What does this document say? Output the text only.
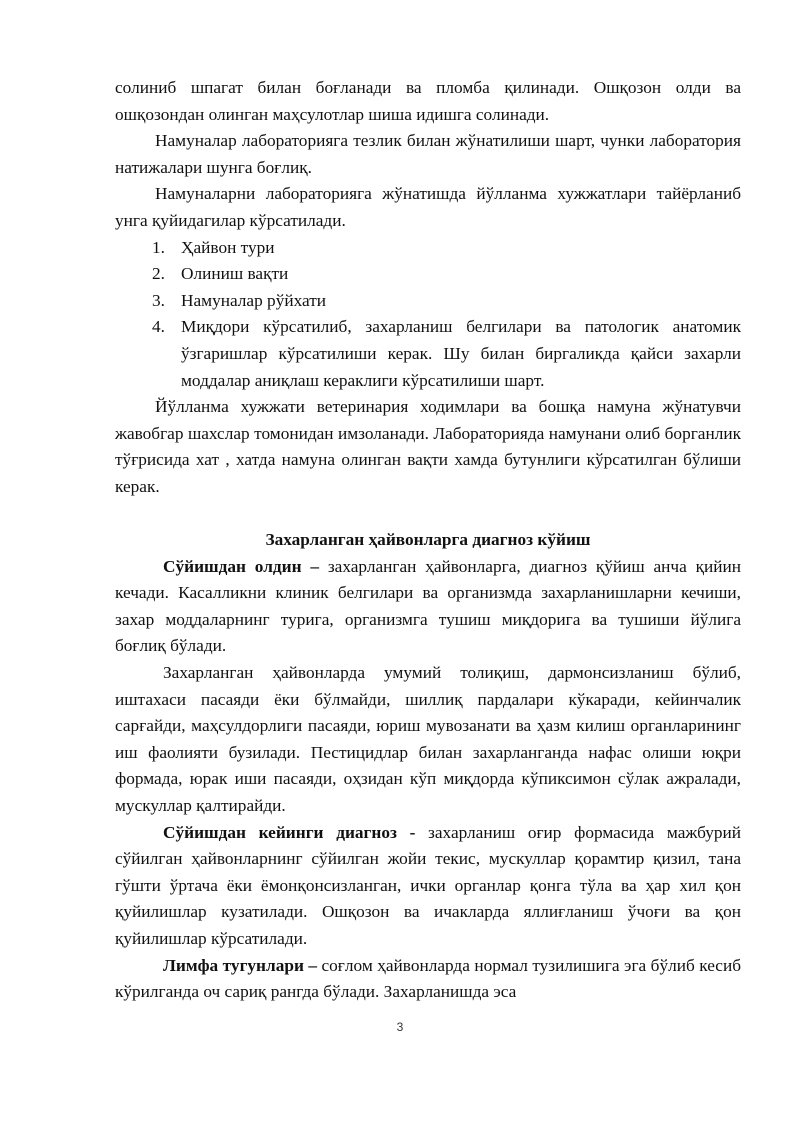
солиниб шпагат билан боғланади ва пломба қилинади. Ошқозон олди ва ошқозондан олинган маҳсулотлар шиша идишга солинади.

Намуналар лабораторияга тезлик билан жўнатилиши шарт, чунки лаборатория натижалари шунга боғлиқ.

Намуналарни лабораторияга жўнатишда йўлланма хужжатлари тайёрланиб унга қуйидагилар кўрсатилади.

1. Ҳайвон тури
2. Олиниш вақти
3. Намуналар рўйхати
4. Миқдори кўрсатилиб, захарланиш белгилари ва патологик анатомик ўзгаришлар кўрсатилиши керак. Шу билан биргаликда қайси захарли моддалар аниқлаш кераклиги кўрсатилиши шарт.

Йўлланма хужжати ветеринария ходимлари ва бошқа намуна жўнатувчи жавобгар шахслар томонидан имзоланади. Лабораторияда намунани олиб борганлик тўғрисида хат , хатда намуна олинган вақти хамда бутунлиги кўрсатилган бўлиши керак.

Захарланган ҳайвонларга диагноз кўйиш

Сўйишдан олдин – захарланган ҳайвонларга, диагноз қўйиш анча қийин кечади. Касалликни клиник белгилари ва организмда захарланишларни кечиши, захар моддаларнинг турига, организмга тушиш миқдорига ва тушиши йўлига боғлиқ бўлади.

Захарланган ҳайвонларда умумий толиқиш, дармонсизланиш бўлиб, иштахаси пасаяди ёки бўлмайди, шиллиқ пардалари кўкаради, кейинчалик сарғайди, маҳсулдорлиги пасаяди, юриш мувозанати ва ҳазм килиш органларининг иш фаолияти бузилади. Пестицидлар билан захарланганда нафас олиши юқри формада, юрак иши пасаяди, оҳзидан кўп миқдорда кўпиксимон сўлак ажралади, мускуллар қалтирайди.

Сўйишдан кейинги диагноз - захарланиш оғир формасида мажбурий сўйилган ҳайвонларнинг сўйилган жойи текис, мускуллар қорамтир қизил, тана гўшти ўртача ёки ёмонқонсизланган, ички органлар қонга тўла ва ҳар хил қон қуйилишлар кузатилади. Ошқозон ва ичакларда яллиғланиш ўчоғи ва қон қуйилишлар кўрсатилади.

Лимфа тугунлари – соғлом ҳайвонларда нормал тузилишига эга бўлиб кесиб кўрилганда оч сариқ рангда бўлади. Захарланишда эса

3
